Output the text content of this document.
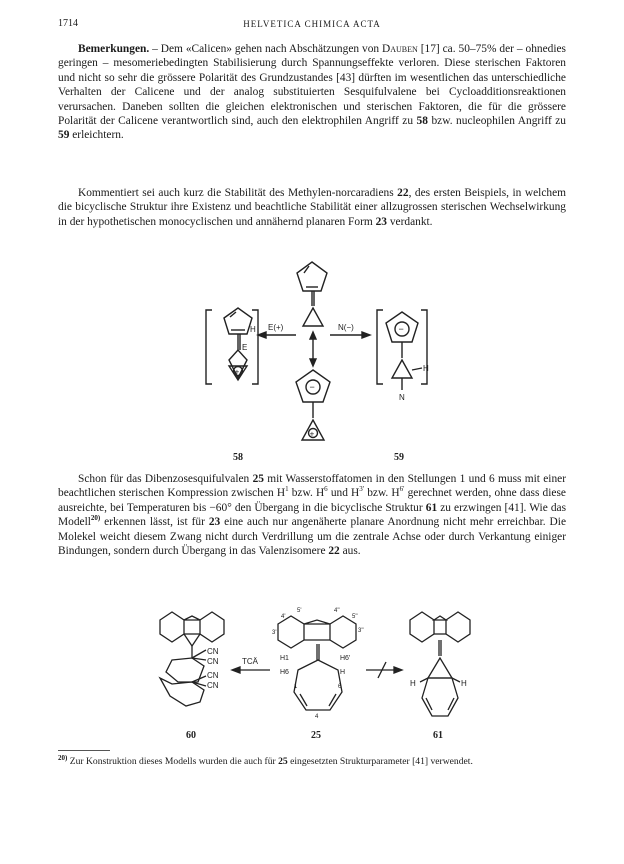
1714	HELVETICA CHIMICA ACTA
Bemerkungen. – Dem «Calicen» gehen nach Abschätzungen von Dauben [17] ca. 50–75% der – ohnedies geringen – mesomeriebedingten Stabilisierung durch Spannungseffekte verloren. Diese sterischen Faktoren und nicht so sehr die grössere Polarität des Grundzustandes [43] dürften im wesentlichen das unterschiedliche Verhalten der Calicene und der analog substituierten Sesquifulvalene bei Cycloadditionsreaktionen verursachen. Daneben sollten die gleichen elektronischen und sterischen Faktoren, die für die grössere Polarität der Calicene verantwortlich sind, auch den elektrophilen Angriff zu 58 bzw. nucleophilen Angriff zu 59 erleichtern.
Kommentiert sei auch kurz die Stabilität des Methylen-norcaradiens 22, des ersten Beispiels, in welchem die bicyclische Struktur ihre Existenz und beachtliche Stabilität einer allzugrossen sterischen Wechselwirkung in der hypothetischen monocyclischen und annähernd planaren Form 23 verdankt.
−
+
E(+)	N(−)
H
E
+
58
−
H
N
59
Schon für das Dibenzosesquifulvalen 25 mit Wasserstoffatomen in den Stellungen 1 und 6 muss mit einer beachtlichen sterischen Kompression zwischen $H^1$ bzw. $H^6$ und $H^{3'}$ bzw. $H^{6'}$ gerechnet werden, ohne dass diese ausreichte, bei Temperaturen bis −60° den Übergang in die bicyclische Struktur 61 zu erzwingen [41]. Wie das Modell$^{20)}$ erkennen lässt, ist für 23 eine auch nur angenäherte planare Anordnung nicht mehr erreichbar. Die Molekel weicht diesem Zwang nicht durch Verdrillung um die zentrale Achse oder durch Verkantung einiger Bindungen, sondern durch Übergang in das Valenzisomere 22 aus.
CN
CN
CN
CN
60
TCÄ
4'
5'
3'
4''
5''
3''
H1	H6'
H6	H
1	6
4
25
H	H
61
$^{20)}$ Zur Konstruktion dieses Modells wurden die auch für 25 eingesetzten Strukturparameter [41] verwendet.
